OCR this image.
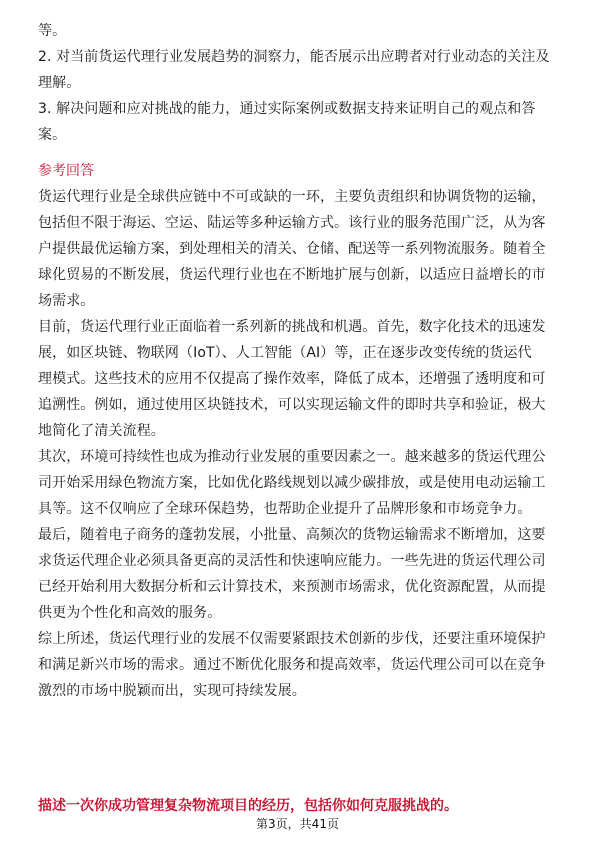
等。
2. 对当前货运代理行业发展趋势的洞察力，能否展示出应聘者对行业动态的关注及
理解。
3. 解决问题和应对挑战的能力，通过实际案例或数据支持来证明自己的观点和答
案。
参考回答
货运代理行业是全球供应链中不可或缺的一环，主要负责组织和协调货物的运输，
包括但不限于海运、空运、陆运等多种运输方式。该行业的服务范围广泛，从为客
户提供最优运输方案，到处理相关的清关、仓储、配送等一系列物流服务。随着全
球化贸易的不断发展，货运代理行业也在不断地扩展与创新，以适应日益增长的市
场需求。
目前，货运代理行业正面临着一系列新的挑战和机遇。首先，数字化技术的迅速发
展，如区块链、物联网（IoT）、人工智能（AI）等，正在逐步改变传统的货运代
理模式。这些技术的应用不仅提高了操作效率，降低了成本，还增强了透明度和可
追溯性。例如，通过使用区块链技术，可以实现运输文件的即时共享和验证，极大
地简化了清关流程。
其次，环境可持续性也成为推动行业发展的重要因素之一。越来越多的货运代理公
司开始采用绿色物流方案，比如优化路线规划以减少碳排放，或是使用电动运输工
具等。这不仅响应了全球环保趋势，也帮助企业提升了品牌形象和市场竞争力。
最后，随着电子商务的蓬勃发展，小批量、高频次的货物运输需求不断增加，这要
求货运代理企业必须具备更高的灵活性和快速响应能力。一些先进的货运代理公司
已经开始利用大数据分析和云计算技术，来预测市场需求，优化资源配置，从而提
供更为个性化和高效的服务。
综上所述，货运代理行业的发展不仅需要紧跟技术创新的步伐，还要注重环境保护
和满足新兴市场的需求。通过不断优化服务和提高效率，货运代理公司可以在竞争
激烈的市场中脱颖而出，实现可持续发展。
描述一次你成功管理复杂物流项目的经历，包括你如何克服挑战的。
第3页，共41页
